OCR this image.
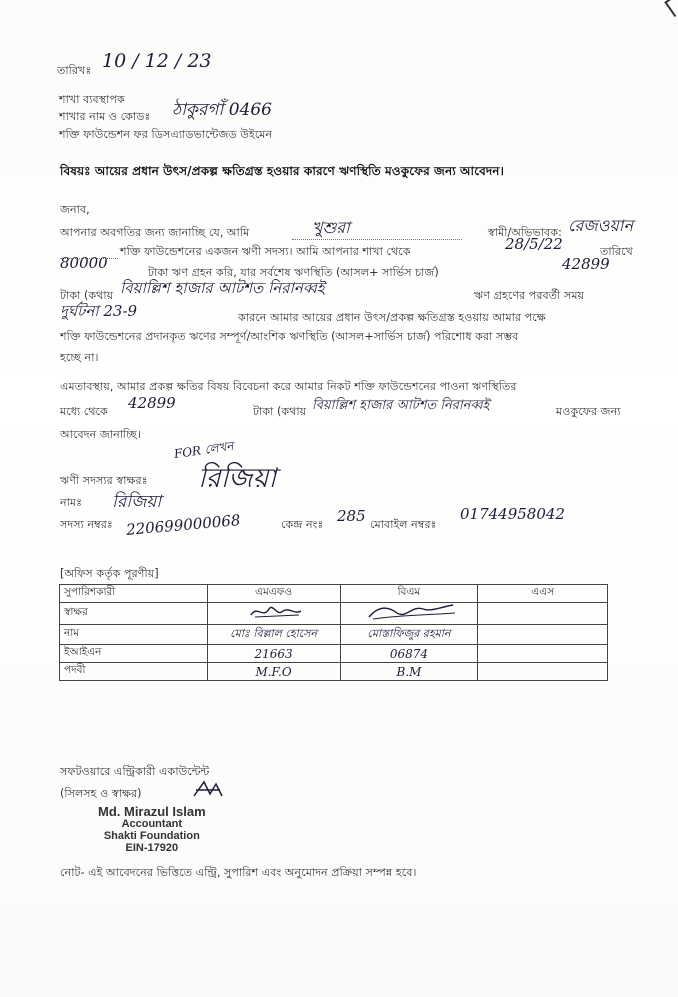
তারিখঃ 10 / 12 / 23
শাখা ব্যবস্থাপক
শাখার নাম ও কোডঃ ঠাকুরগাঁ 0466
শক্তি ফাউন্ডেশন ফর ডিসএ্যাডভান্টেজড উইমেন
বিষয়ঃ আয়ের প্রধান উৎস/প্রকল্প ক্ষতিগ্রস্ত হওয়ার কারণে ঋণস্থিতি মওকুফের জন্য আবেদন।
জনাব,
আপনার অবগতির জন্য জানাচ্ছি যে, আমি	খুশুরা	স্বামী/অভিভাবক: রেজওয়ান
শক্তি ফাউন্ডেশনের একজন ঋণী সদস্য। আমি আপনার শাখা থেকে	28/5/22	তারিখে
80000
টাকা ঋণ গ্রহন করি, যার সর্বশেষ ঋণস্থিতি (আসল+ সার্ভিস চার্জ)	42899
টাকা (কথায় বিয়াল্লিশ হাজার আটশত নিরানব্বই	ঋণ গ্রহণের পরবর্তী সময়
দুর্ঘটনা 23-9	কারনে আমার আয়ের প্রধান উৎস/প্রকল্প ক্ষতিগ্রস্ত হওয়ায় আমার পক্ষে
শক্তি ফাউন্ডেশনের প্রদানকৃত ঋণের সম্পূর্ণ/আংশিক ঋণস্থিতি (আসল+সার্ভিস চার্জ) পরিশোধ করা সম্ভব
হচ্ছে না।
এমতাবস্থায়, আমার প্রকল্প ক্ষতির বিষয় বিবেচনা করে আমার নিকট শক্তি ফাউন্ডেশনের পাওনা ঋণস্থিতির
মধ্যে থেকে 42899	টাকা (কথায় বিয়াল্লিশ হাজার আটশত নিরানব্বই	মওকুফের জন্য
আবেদন জানাচ্ছি।
FOR লেখন
ঋণী সদস্যর স্বাক্ষরঃ রিজিয়া
নামঃ রিজিয়া
সদস্য নম্বরঃ 220699000068	কেন্দ্র নংঃ 285 মোবাইল নম্বরঃ
01744958042
[অফিস কর্তৃক পূরণীয়]
সুপারিশকারী	এমএফও	বিএম	এএস
স্বাক্ষর			
নাম	মোঃ বিল্লাল হোসেন	মোস্তাফিজুর রহমান	
ইআইএন	21663	06874	
পদবী	M.F.O	B.M	
সফটওয়ারে এন্ট্রিকারী একাউন্টেন্ট
(সিলসহ ও স্বাক্ষর)
Md. Mirazul Islam
Accountant
Shakti Foundation
EIN-17920
নোট- এই আবেদনের ভিত্তিতে এন্ট্রি, সুপারিশ এবং অনুমোদন প্রক্রিয়া সম্পন্ন হবে।
